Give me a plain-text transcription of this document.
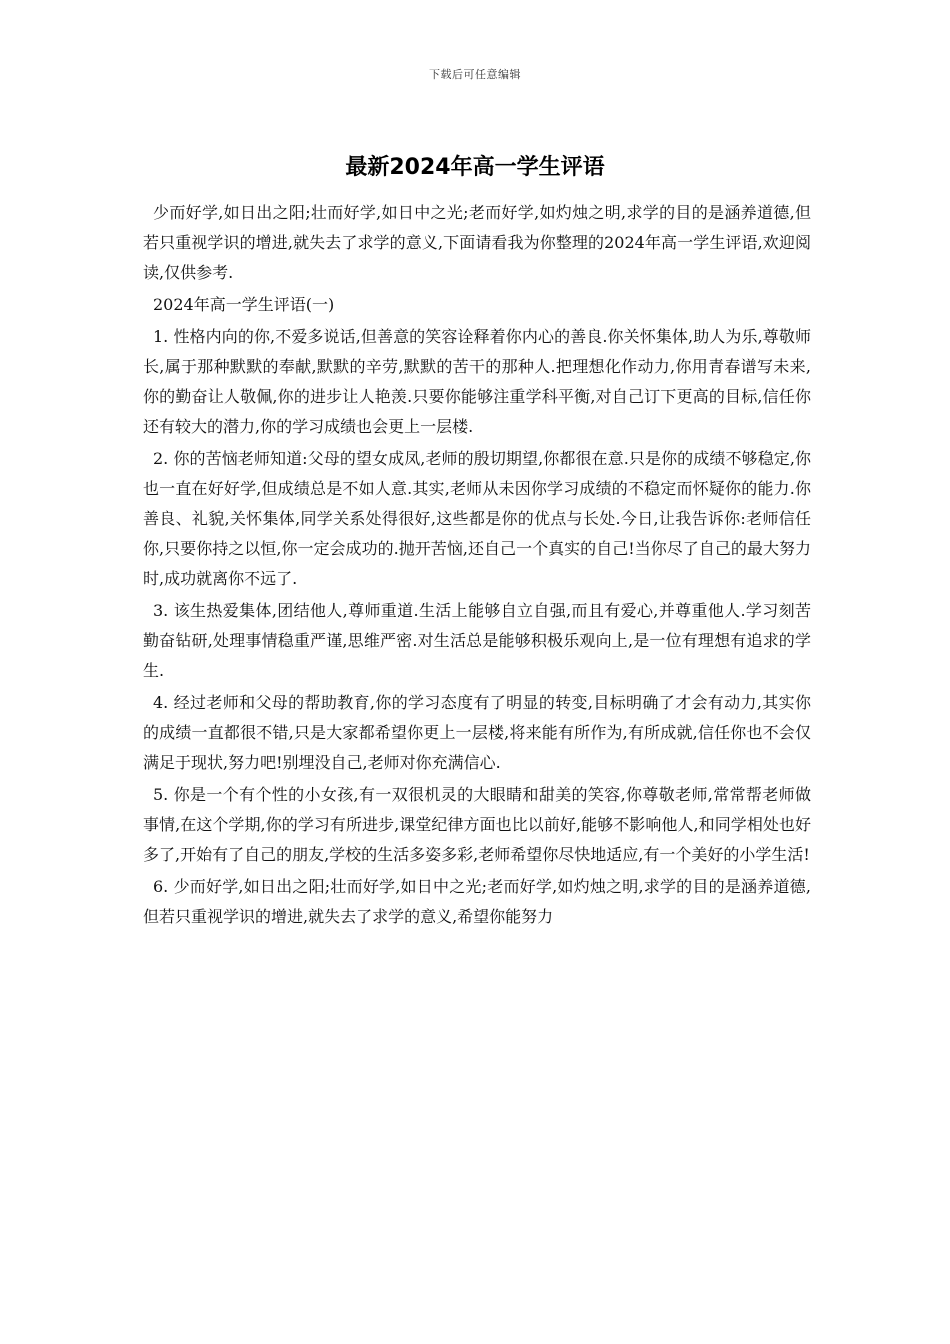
下载后可任意编辑
最新2024年高一学生评语

少而好学,如日出之阳;壮而好学,如日中之光;老而好学,如灼烛之明,求学的目的是涵养道德,但若只重视学识的增进,就失去了求学的意义,下面请看我为你整理的2024年高一学生评语,欢迎阅读,仅供参考.

2024年高一学生评语(一)

1. 性格内向的你,不爱多说话,但善意的笑容诠释着你内心的善良.你关怀集体,助人为乐,尊敬师长,属于那种默默的奉献,默默的辛劳,默默的苦干的那种人.把理想化作动力,你用青春谱写未来,你的勤奋让人敬佩,你的进步让人艳羡.只要你能够注重学科平衡,对自己订下更高的目标,信任你还有较大的潜力,你的学习成绩也会更上一层楼.

2. 你的苦恼老师知道:父母的望女成凤,老师的殷切期望,你都很在意.只是你的成绩不够稳定,你也一直在好好学,但成绩总是不如人意.其实,老师从未因你学习成绩的不稳定而怀疑你的能力.你善良、礼貌,关怀集体,同学关系处得很好,这些都是你的优点与长处.今日,让我告诉你:老师信任你,只要你持之以恒,你一定会成功的.抛开苦恼,还自己一个真实的自己!当你尽了自己的最大努力时,成功就离你不远了.

3. 该生热爱集体,团结他人,尊师重道.生活上能够自立自强,而且有爱心,并尊重他人.学习刻苦勤奋钻研,处理事情稳重严谨,思维严密.对生活总是能够积极乐观向上,是一位有理想有追求的学生.

4. 经过老师和父母的帮助教育,你的学习态度有了明显的转变,目标明确了才会有动力,其实你的成绩一直都很不错,只是大家都希望你更上一层楼,将来能有所作为,有所成就,信任你也不会仅满足于现状,努力吧!别埋没自己,老师对你充满信心.

5. 你是一个有个性的小女孩,有一双很机灵的大眼睛和甜美的笑容,你尊敬老师,常常帮老师做事情,在这个学期,你的学习有所进步,课堂纪律方面也比以前好,能够不影响他人,和同学相处也好多了,开始有了自己的朋友,学校的生活多姿多彩,老师希望你尽快地适应,有一个美好的小学生活!

6. 少而好学,如日出之阳;壮而好学,如日中之光;老而好学,如灼烛之明,求学的目的是涵养道德,但若只重视学识的增进,就失去了求学的意义,希望你能努力
